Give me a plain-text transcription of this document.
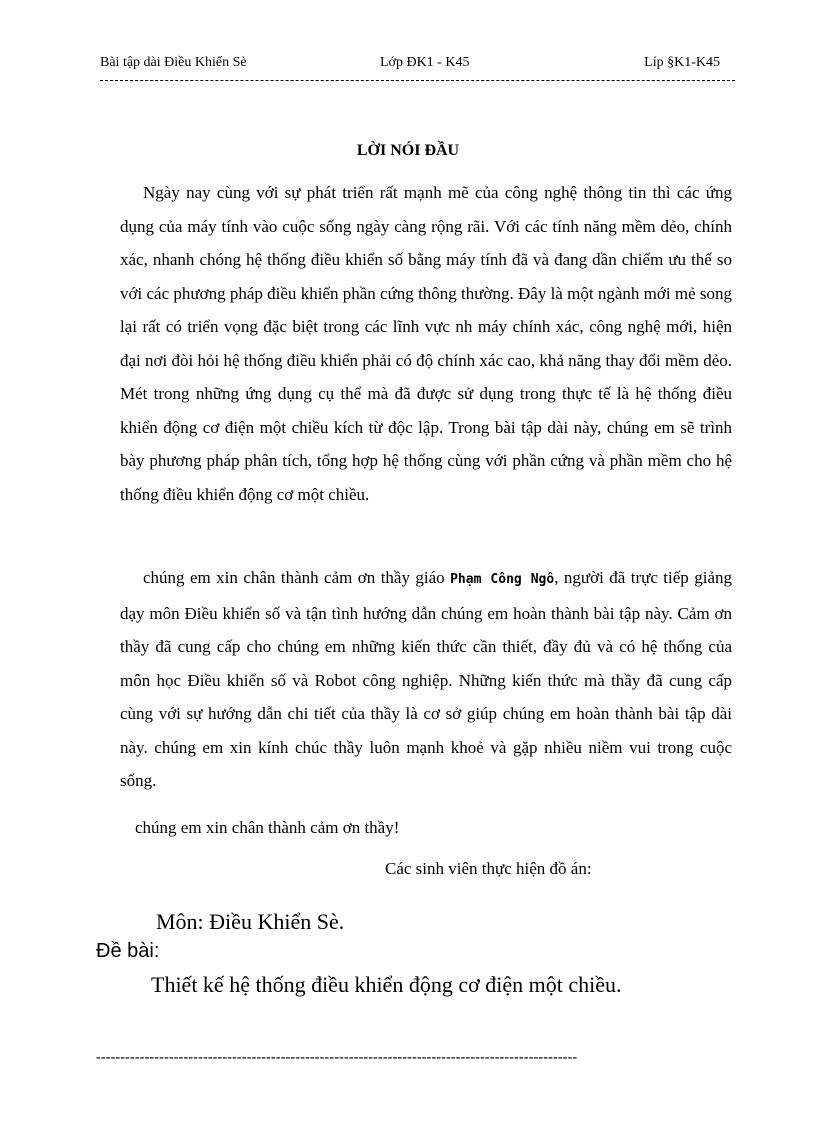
Bài tập dài Điều Khiển Sè	Lớp ĐK1 - K45	Líp §K1-K45
LỜI NÓI ĐẦU

Ngày nay cùng với sự phát triển rất mạnh mẽ của công nghệ thông tin thì các ứng dụng của máy tính vào cuộc sống ngày càng rộng rãi. Với các tính năng mềm dẻo, chính xác, nhanh chóng hệ thống điều khiển số bằng máy tính đã và đang dần chiếm ưu thế so với các phương pháp điều khiển phần cứng thông thường. Đây là một ngành mới mẻ song lại rất có triển vọng đặc biệt trong các lĩnh vực nh máy chính xác, công nghệ mới, hiện đại nơi đòi hỏi hệ thống điều khiển phải có độ chính xác cao, khả năng thay đổi mềm dẻo. Mét trong những ứng dụng cụ thể mà đã được sử dụng trong thực tế là hệ thống điều khiển động cơ điện một chiều kích từ độc lập. Trong bài tập dài này, chúng em sẽ trình bày phương pháp phân tích, tổng hợp hệ thống cùng với phần cứng và phần mềm cho hệ thống điều khiển động cơ một chiều.

chúng em xin chân thành cảm ơn thầy giáo Phạm Công Ngô, người đã trực tiếp giảng dạy môn Điều khiển số và tận tình hướng dẫn chúng em hoàn thành bài tập này. Cảm ơn thầy đã cung cấp cho chúng em những kiến thức cần thiết, đầy đủ và có hệ thống của môn học Điều khiển số và Robot công nghiệp. Những kiến thức mà thầy đã cung cấp cùng với sự hướng dẫn chi tiết của thầy là cơ sở giúp chúng em hoàn thành bài tập dài này. chúng em xin kính chúc thầy luôn mạnh khoẻ và gặp nhiều niềm vui trong cuộc sống.

chúng em xin chân thành cảm ơn thầy!
Các sinh viên thực hiện đồ án:
Môn: Điều Khiển Sè.
Đề bài:
Thiết kế hệ thống điều khiển động cơ điện một chiều.
---------------------------------------------------------------------------------------------------
